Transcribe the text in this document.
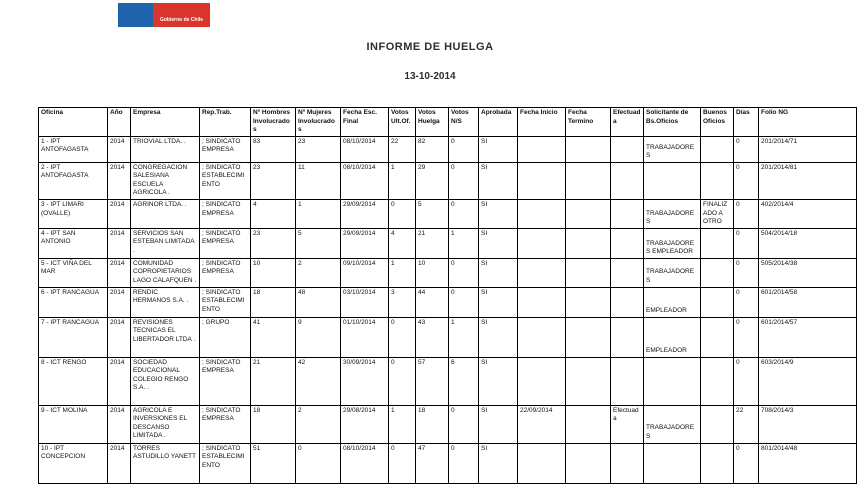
Gobierno de Chile
INFORME DE HUELGA
13-10-2014
Oficina	Año	Empresa	Rep.Trab.	Nº Hombres Involucrados	Nº Mujeres Involucrados	Fecha Esc. Final	Votos Ult.Of.	Votos Huelga	Votos N/S	Aprobada	Fecha Inicio	Fecha Termino	Efectuada	Solicitante de Bs.Oficios	Buenos Oficios	Días	Folio NG
1 - IPT ANTOFAGASTA	2014	TRIOVIAL LTDA. .	; SINDICATO EMPRESA	83	23	08/10/2014	22	82	0	SI				TRABAJADORES		0	201/2014/71
2 - IPT ANTOFAGASTA	2014	CONGREGACION SALESIANA ESCUELA AGRICOLA .	; SINDICATO ESTABLECIMIENTO	23	11	08/10/2014	1	29	0	SI						0	201/2014/81
3 - IPT LIMARI (OVALLE)	2014	AGRINOR LTDA. .	; SINDICATO EMPRESA	4	1	29/09/2014	0	5	0	SI				TRABAJADORES	FINALIZADO A OTRO	0	402/2014/4
4 - IPT SAN ANTONIO	2014	SERVICIOS SAN ESTEBAN LIMITADA .	; SINDICATO EMPRESA	23	5	29/09/2014	4	21	1	SI				TRABAJADORES EMPLEADOR		0	504/2014/18
5 - ICT VIÑA DEL MAR	2014	COMUNIDAD COPROPIETARIOS LAGO CALAFQUEN .	; SINDICATO EMPRESA	10	2	09/10/2014	1	10	0	SI				TRABAJADORES		0	505/2014/38
6 - IPT RANCAGUA	2014	RENDIC HERMANOS S.A. .	; SINDICATO ESTABLECIMIENTO	18	48	03/10/2014	3	44	0	SI				EMPLEADOR		0	601/2014/58
7 - IPT RANCAGUA	2014	REVISIONES TECNICAS EL LIBERTADOR LTDA .	; GRUPO	41	9	01/10/2014	0	43	1	SI				EMPLEADOR		0	601/2014/57
8 - ICT RENGO	2014	SOCIEDAD EDUCACIONAL COLEGIO RENGO S.A. .	; SINDICATO EMPRESA	21	42	30/09/2014	0	57	6	SI						0	603/2014/9
9 - ICT MOLINA	2014	AGRICOLA E INVERSIONES EL DESCANSO LIMITADA .	; SINDICATO EMPRESA	18	2	29/08/2014	1	18	0	SI	22/09/2014		Efectuada	TRABAJADORES		22	708/2014/3
10 - IPT CONCEPCION	2014	TORRES ASTUDILLO YANETT	; SINDICATO ESTABLECIMIENTO	51	0	08/10/2014	0	47	0	SI						0	801/2014/48
